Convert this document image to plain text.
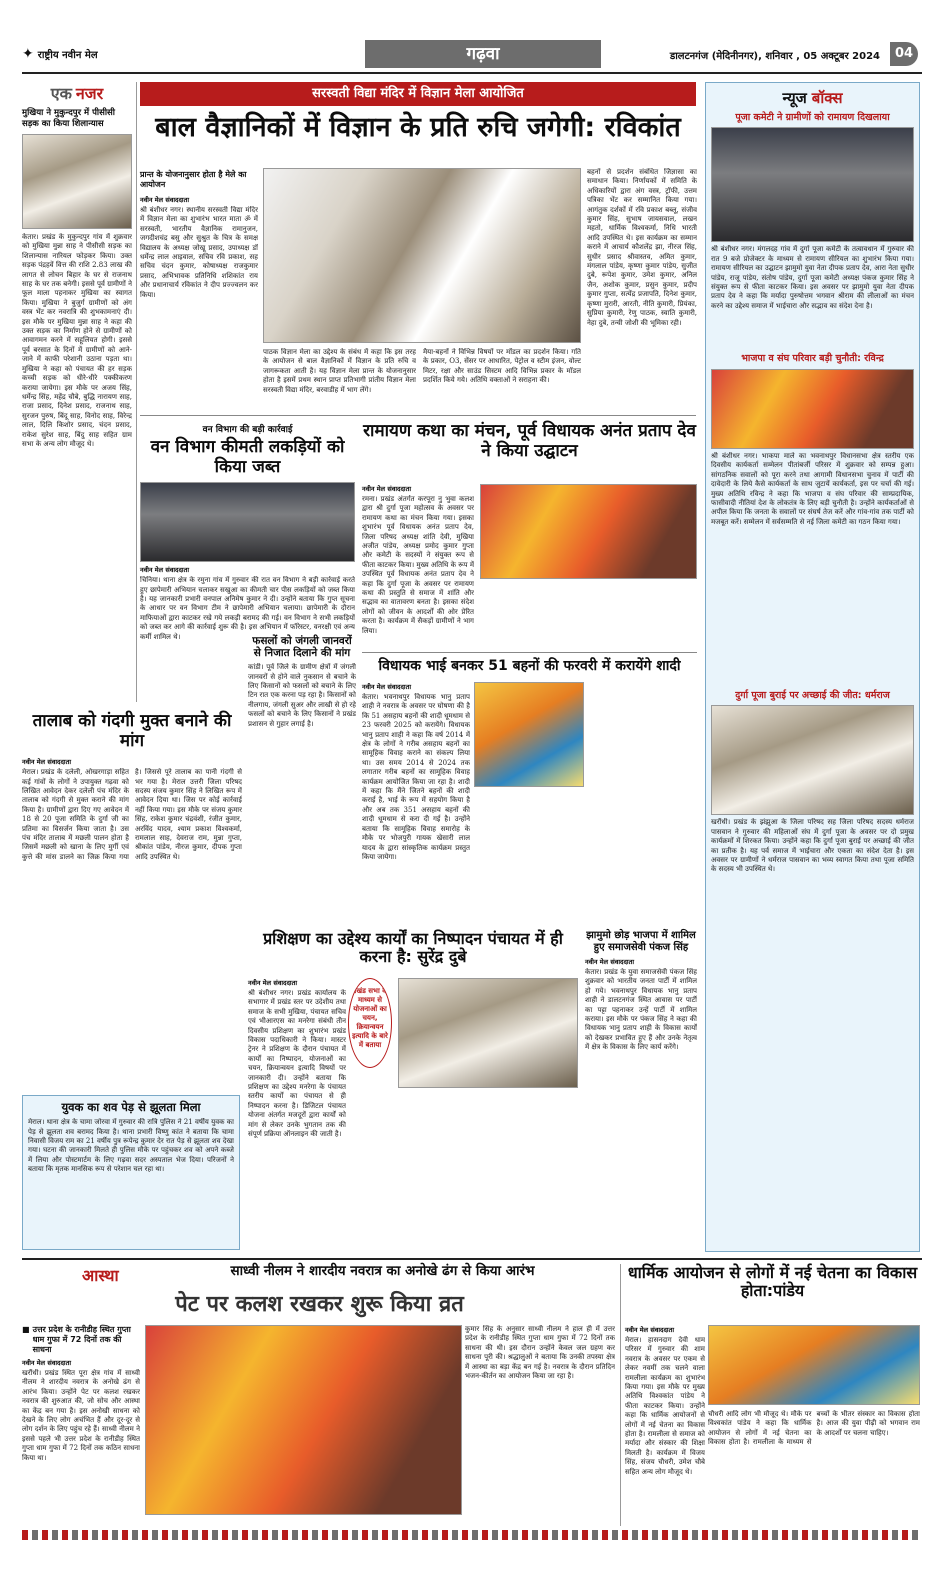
✦ राष्ट्रीय नवीन मेल	गढ़वा	डालटनगंज (मेदिनीनगर), शनिवार , 05 अक्टूबर 2024	04
एक नजर
मुखिया ने मुकुन्दपुर में पीसीसी सड़क का किया शिलान्यास
केतार। प्रखंड के मुकुन्दपुर गांव में शुक्रवार को मुखिया मुन्ना साह ने पीसीसी सड़क का शिलान्यास नारियल फोड़कर किया। उक्त सड़क पंद्रहवें वित्त की राशि 2.83 लाख की लागत से लोचन बिहार के घर से राजनाथ साह के घर तक बनेगी। इससे पूर्व ग्रामीणों ने फूल माला पहनाकर मुखिया का स्वागत किया। मुखिया ने बुजुर्ग ग्रामीणों को अंग वस्त्र भेंट कर नवरात्रि की शुभकामनाएं दी। इस मौके पर मुखिया मुन्ना साह ने कहा की उक्त सड़क का निर्माण होने से ग्रामीणों को आवागमन करने में सहूलियत होगी। इससे पूर्व बरसात के दिनों में ग्रामीणों को आने-जाने में काफी परेशानी उठाना पड़ता था। मुखिया ने कहा को पंचायत की हर सड़क कच्ची सड़क को धीरे-धीरे पक्कीकरण कराया जायेगा। इस मौके पर अजय सिंह, धर्मेन्द्र सिंह, महेंद्र चौबे, बुद्धि नारायण साह, राजा प्रसाद, दिनेश प्रसाद, राजनाथ साह, सुरजन पुरुष, बिंदू साह, विनोद साह, विरेन्द्र लाल, दिलि किशोर प्रसाद, चंदन प्रसाद, राकेश सुरेश साह, बिंदु साह सहित ग्राम सभा के अन्य लोग मौजूद थे।
सरस्वती विद्या मंदिर में विज्ञान मेला आयोजित
बाल वैज्ञानिकों में विज्ञान के प्रति रुचि जगेगी: रविकांत
प्रान्त के योजनानुसार होता है मेले का आयोजन
नवीन मेल संवाददाता
श्री बंशीधर नगर। स्थानीय सरस्वती विद्या मंदिर में विज्ञान मेला का शुभारंभ भारत माता ॐ में सरस्वती, भारतीय वैज्ञानिक रामानुजन, जगदीशचंद्र बसु और सुश्रुत के चित्र के समक्ष विद्यालय के अध्यक्ष जोखू प्रसाद, उपाध्यक्ष डॉ धर्मेन्द्र लाल आइवाल, सचिव रवि प्रकाश, सह सचिव चंदन कुमार, कोषाध्यक्ष राजकुमार प्रसाद, अभिभावक प्रतिनिधि शशिकांत राय और प्रधानाचार्य रविकांत ने दीप प्रज्ज्वलन कर किया।
पाठक विज्ञान मेला का उद्देश्य के संबंध में कहा कि इस तरह के आयोजन से बाल वैज्ञानिकों में विज्ञान के प्रति रुचि व जागरूकता आती है। यह विज्ञान मेला प्रान्त के योजनानुसार होता है इसमें प्रथम स्थान प्राप्त प्रतिभागी प्रांतीय विज्ञान मेला सरस्वती विद्या मंदिर, बरवाडीह में भाग लेंगे।
मैया-बहनों ने विभिन्न विषयों पर मॉडल का प्रदर्शन किया। गति के प्रकार, O3, सेंसर पर आधारित, पेट्रोल व स्टीम इंजन, वोल्ट मिटर, रक्षा और साउंड सिस्टम आदि विभिन्न प्रकार के मॉडल प्रदर्शित किये गये। अतिथि वक्ताओं ने सराहना की।
बहनों से प्रदर्शन संबंधित जिज्ञासा का समाधान किया। निर्णायकों में समिति के अधिकारियों द्वारा अंग वस्त्र, ट्रॉफी, उत्तम पत्रिका भेंट कर सम्मानित किया गया। आगंतुक दर्शकों में रवि प्रकाश बब्लू, संजीव कुमार सिंह, सुभाष जायसवाल, लखन महतो, धार्मिक विश्वकर्मा, निधि भारती आदि उपस्थित थे। इस कार्यक्रम का सम्मान कराने में आचार्य कौशलेंद्र झा, नीरज सिंह, सुधीर प्रसाद श्रीवास्तव, अमित कुमार, मंगलाल पांडेय, कृष्णा कुमार पांडेय, सुजीत दुबे, रूपेश कुमार, उमेश कुमार, अनिल जैन, अशोक कुमार, प्रसुन कुमार, प्रदीप कुमार गुप्ता, सत्येंद्र प्रजापति, दिनेश कुमार, कृष्णा मुरारी, आरती, नीति कुमारी, प्रियंका, सुप्रिया कुमारी, रेणु पाठक, स्वाति कुमारी, नेहा दुबे, तन्वी जोशी की भूमिका रही।
वन विभाग की बड़ी कार्रवाई
वन विभाग कीमती लकड़ियों को किया जब्त
नवीन मेल संवाददाता
चिनिया। थाना क्षेत्र के रमुना गांव में गुरुवार की रात वन विभाग ने बड़ी कार्रवाई करते हुए छापेमारी अभियान चलाकर सखुआ का कीमती चार पीस लकड़ियों को जब्त किया है। यह जानकारी प्रभारी वनपाल अनिमेष कुमार ने दी। उन्होंने बताया कि गुप्त सूचना के आधार पर वन विभाग टीम ने छापेमारी अभियान चलाया। छापेमारी के दौरान माफियाओं द्वारा काटकर रखे गये लकड़ी बरामद की गई। वन विभाग ने सभी लकड़ियों को जब्त कर आगे की कार्रवाई शुरू की है। इस अभियान में फॉरेस्टर, वनरक्षी एवं अन्य कर्मी शामिल थे।	फसलों को जंगली जानवरों से निजात दिलाने की मांग
कांडी। पूर्व जिले के ग्रामीण क्षेत्रों में जंगली जानवरों से होने वाले नुकसान से बचाने के लिए किसानों को फसलों को बचाने के लिए टिन रात एक करना पड़ रहा है। किसानों को नीलगाय, जंगली सुअर और लाखी से हो रहे फसलों को बचाने के लिए किसानों ने प्रखंड प्रशासन से गुहार लगाई है।
रामायण कथा का मंचन, पूर्व विधायक अनंत प्रताप देव ने किया उद्घाटन
नवीन मेल संवाददाता
रमना। प्रखंड अंतर्गत करपूरा नु भुवा कलश द्वारा श्री दुर्गा पूजा महोत्सव के अवसर पर रामायण कथा का मंचन किया गया। इसका शुभारंभ पूर्व विधायक अनंत प्रताप देव, जिला परिषद अध्यक्ष शांति देवी, मुखिया अजीत पांडेय, अध्यक्ष प्रमोद कुमार गुप्ता और कमेटी के सदस्यों ने संयुक्त रूप से फीता काटकर किया। मुख्य अतिथि के रूप में उपस्थित पूर्व विधायक अनंत प्रताप देव ने कहा कि दुर्गा पूजा के अवसर पर रामायण कथा की प्रस्तुति से समाज में शांति और सद्भाव का वातावरण बनता है। इसका संदेश लोगों को जीवन के आदर्शों की ओर प्रेरित करता है। कार्यक्रम में सैकड़ों ग्रामीणों ने भाग लिया।
विधायक भाई बनकर 51 बहनों की फरवरी में करायेंगे शादी
नवीन मेल संवाददाता
केतार। भवनाथपुर विधायक भानु प्रताप शाही ने नवरात्र के अवसर पर घोषणा की है कि 51 असहाय बहनों की शादी धूमधाम से 23 फरवरी 2025 को करायेंगे। विधायक भानु प्रताप शाही ने कहा कि वर्ष 2014 में क्षेत्र के लोगों ने गरीब असहाय बहनों का सामूहिक विवाह कराने का संकल्प लिया था। उस समय 2014 से 2024 तक लगातार गरीब बहनों का सामूहिक विवाह कार्यक्रम आयोजित किया जा रहा है। शादी में कहा कि मैंने जितने बहनों की शादी कराई है, भाई के रूप में सहयोग किया है और अब तक 351 असहाय बहनों की शादी धूमधाम से करा दी गई है। उन्होंने बताया कि सामूहिक विवाह समारोह के मौके पर भोजपुरी गायक खेसारी लाल यादव के द्वारा सांस्कृतिक कार्यक्रम प्रस्तुत किया जायेगा।
तालाब को गंदगी मुक्त बनाने की मांग
नवीन मेल संवाददाता
मेराल। प्रखंड के दलेली, ओखरगाड़ा सहित कई गांवों के लोगों ने उपायुक्त गढ़वा को लिखित आवेदन देकर दलेली पंच मंदिर के तालाब को गंदगी से मुक्त कराने की मांग किया है। ग्रामीणों द्वारा दिए गए आवेदन में 18 से 20 पूजा समिति के दुर्गा जी का प्रतिमा का विसर्जन किया जाता है। उस पंच मंदिर तालाब में मछली पालन होता है जिसमें मछली को खाना के लिए मुर्गी एवं कुत्ते की मांस डालने का जिक्र किया गया है। जिससे पूरे तालाब का पानी गंदगी से भर गया है। मेराल उत्तरी जिला परिषद सदस्य संजय कुमार सिंह ने लिखित रूप में आवेदन दिया था। जिस पर कोई कार्रवाई नहीं किया गया। इस मौके पर संजय कुमार सिंह, राकेश कुमार चंद्रवंशी, रंजीत कुमार, अरविंद यादव, श्याम प्रकाश विश्वकर्मा, रामलाल साह, देवराज राम, मुन्ना गुप्ता, श्रीकांत पांडेय, नीरज कुमार, दीपक गुप्ता आदि उपस्थित थे।
युवक का शव पेड़ से झूलता मिला
मेराल। थाना क्षेत्र के चामा जोरवा में गुरुवार की रात्रि पुलिस ने 21 वर्षीय युवक का पेड़ से झूलता शव बरामद किया है। थाना प्रभारी विष्णु कांत ने बताया कि चामा निवासी विजय राम का 21 वर्षीय पुत्र रूपेन्द्र कुमार देर रात पेड़ से झूलता शव देखा गया। घटना की जानकारी मिलते ही पुलिस मौके पर पहुंचकर शव को अपने कब्जे में लिया और पोस्टमार्टम के लिए गढ़वा सदर अस्पताल भेज दिया। परिजनों ने बताया कि मृतक मानसिक रूप से परेशान चल रहा था।
प्रशिक्षण का उद्देश्य कार्यों का निष्पादन पंचायत में ही करना है: सुरेंद्र दुबे
नवीन मेल संवाददाता
श्री बंशीधर नगर। प्रखंड कार्यालय के सभागार में प्रखंड स्तर पर उदेशीय तथा समाज के सभी मुखिया, पंचायत सचिव एवं भीआरएस का मनरेगा संबंधी तीन दिवसीय प्रशिक्षण का शुभारंभ प्रखंड विकास पदाधिकारी ने किया। मास्टर ट्रेनर ने प्रशिक्षण के दौरान पंचायत में कार्यों का निष्पादन, योजनाओं का चयन, क्रियान्वयन इत्यादि विषयों पर जानकारी दी। उन्होंने बताया कि प्रशिक्षण का उद्देश्य मनरेगा के पंचायत स्तरीय कार्यों का पंचायत से ही निष्पादन करना है। डिजिटल पंचायत योजना अंतर्गत मजदूरों द्वारा कार्यों को मांग से लेकर उनके भुगतान तक की संपूर्ण प्रक्रिया ऑनलाइन की जाती है।
प्रखंड सभा के माध्यम से योजनाओं का चयन, क्रियान्वयन इत्यादि के बारे में बताया
झामुमो छोड़ भाजपा में शामिल हुए समाजसेवी पंकज सिंह
नवीन मेल संवाददाता
केतार। प्रखंड के युवा समाजसेवी पंकज सिंह शुक्रवार को भारतीय जनता पार्टी में शामिल हो गये। भवनाथपुर विधायक भानु प्रताप शाही ने डालटनगंज स्थित आवास पर पार्टी का पट्टा पहनाकर उन्हें पार्टी में शामिल कराया। इस मौके पर पंकज सिंह ने कहा की विधायक भानु प्रताप शाही के विकास कार्यों को देखकर प्रभावित हुए हैं और उनके नेतृत्व में क्षेत्र के विकास के लिए कार्य करेंगे।
न्यूज बॉक्स
पूजा कमेटी ने ग्रामीणों को रामायण दिखलाया
श्री बंशीधर नगर। मंगलदह गांव में दुर्गा पूजा कमेटी के तत्वावधान में गुरुवार की रात 9 बजे प्रोजेक्टर के माध्यम से रामायण सीरियल का शुभारंभ किया गया। रामायण सीरियल का उद्घाटन झामुमो युवा नेता दीपक प्रताप देव, आरा नेता सुधीर पांडेय, राजू पांडेय, संतोष पांडेय, दुर्गा पूजा कमेटी अध्यक्ष पंकज कुमार सिंह ने संयुक्त रूप से फीता काटकर किया। इस अवसर पर झामुमो युवा नेता दीपक प्रताप देव ने कहा कि मर्यादा पुरुषोत्तम भगवान श्रीराम की लीलाओं का मंचन करने का उद्देश्य समाज में भाईचारा और सद्भाव का संदेश देना है।
भाजपा व संघ परिवार बड़ी चुनौती: रविन्द्र
श्री बंशीधर नगर। भाकपा माले का भवनाथपुर विधानसभा क्षेत्र स्तरीय एक दिवसीय कार्यकर्ता सम्मेलन पीतांबर्जी परिसर में शुक्रवार को सम्पन्न हुआ। सांगठनिक सवालों को पूरा करने तथा आगामी विधानसभा चुनाव में पार्टी की दावेदारी के लिये कैसे कार्यकर्ता के साथ जुटायें कार्यकर्ता, इस पर चर्चा की गई। मुख्य अतिथि रविन्द्र ने कहा कि भाजपा व संघ परिवार की साम्प्रदायिक, फासीवादी नीतियां देश के लोकतंत्र के लिए बड़ी चुनौती है। उन्होंने कार्यकर्ताओं से अपील किया कि जनता के सवालों पर संघर्ष तेज करें और गांव-गांव तक पार्टी को मजबूत करें। सम्मेलन में सर्वसम्मति से नई जिला कमेटी का गठन किया गया।
दुर्गा पूजा बुराई पर अच्छाई की जीत: धर्मराज
खरौंधी। प्रखंड के झंझुआ के जिला परिषद सह जिला परिषद सदस्य धर्मराज पासवान ने गुरुवार की महिलाओं संघ में दुर्गा पूजा के अवसर पर दो प्रमुख कार्यक्रमों में शिरकत किया। उन्होंने कहा कि दुर्गा पूजा बुराई पर अच्छाई की जीत का प्रतीक है। यह पर्व समाज में भाईचारा और एकता का संदेश देता है। इस अवसर पर ग्रामीणों ने धर्मराज पासवान का भव्य स्वागत किया तथा पूजा समिति के सदस्य भी उपस्थित थे।
आस्था	साध्वी नीलम ने शारदीय नवरात्र का अनोखे ढंग से किया आरंभ
पेट पर कलश रखकर शुरू किया व्रत
■ उत्तर प्रदेश के रानीडीह स्थित गुप्ता धाम गुफा में 72 दिनों तक की साधना
नवीन मेल संवाददाता
खरौंधी। प्रखंड स्थित पूरा क्षेत्र गांव में साध्वी नीलम ने शारदीय नवरात्र के अनोखे ढंग से आरंभ किया। उन्होंने पेट पर कलश रखकर नवरात्र की शुरुआत की, जो सोच और आस्था का केंद्र बन गया है। इस अनोखी साधना को देखने के लिए लोग अचंभित हैं और दूर-दूर से लोग दर्शन के लिए पहुंच रहे हैं। साध्वी नीलम ने इससे पहले भी उत्तर प्रदेश के रानीडीह स्थित गुप्ता धाम गुफा में 72 दिनों तक कठिन साधना किया था।
कुमार सिंह के अनुसार साध्वी नीलम ने हाल ही में उत्तर प्रदेश के रानीडीह स्थित गुप्ता धाम गुफा में 72 दिनों तक साधना की थी। इस दौरान उन्होंने केवल जल ग्रहण कर साधना पूरी की। श्रद्धालुओं ने बताया कि उनकी तपस्या क्षेत्र में आस्था का बड़ा केंद्र बन गई है। नवरात्र के दौरान प्रतिदिन भजन-कीर्तन का आयोजन किया जा रहा है।
धार्मिक आयोजन से लोगों में नई चेतना का विकास होता:पांडेय
नवीन मेल संवाददाता
मेराल। हासनदाग देवी धाम परिसर में गुरुवार की शाम नवरात्र के अवसर पर एकम से लेकर नवमीं तक चलने वाला रामलीला कार्यक्रम का शुभारंभ किया गया। इस मौके पर मुख्य अतिथि विश्वकांत पांडेय ने फीता काटकर किया। उन्होंने कहा कि धार्मिक आयोजनों से लोगों में नई चेतना का विकास होता है। रामलीला से समाज को मर्यादा और संस्कार की शिक्षा मिलती है। कार्यक्रम में विजय सिंह, संजय चौधरी, उमेश चौबे सहित अन्य लोग मौजूद थे।
चौधरी आदि लोग भी मौजूद थे। मौके पर विश्वकांत पांडेय ने कहा कि धार्मिक आयोजन से लोगों में नई चेतना का विकास होता है। रामलीला के माध्यम से बच्चों के भीतर संस्कार का विकास होता है। आज की युवा पीढ़ी को भगवान राम के आदर्शों पर चलना चाहिए।
